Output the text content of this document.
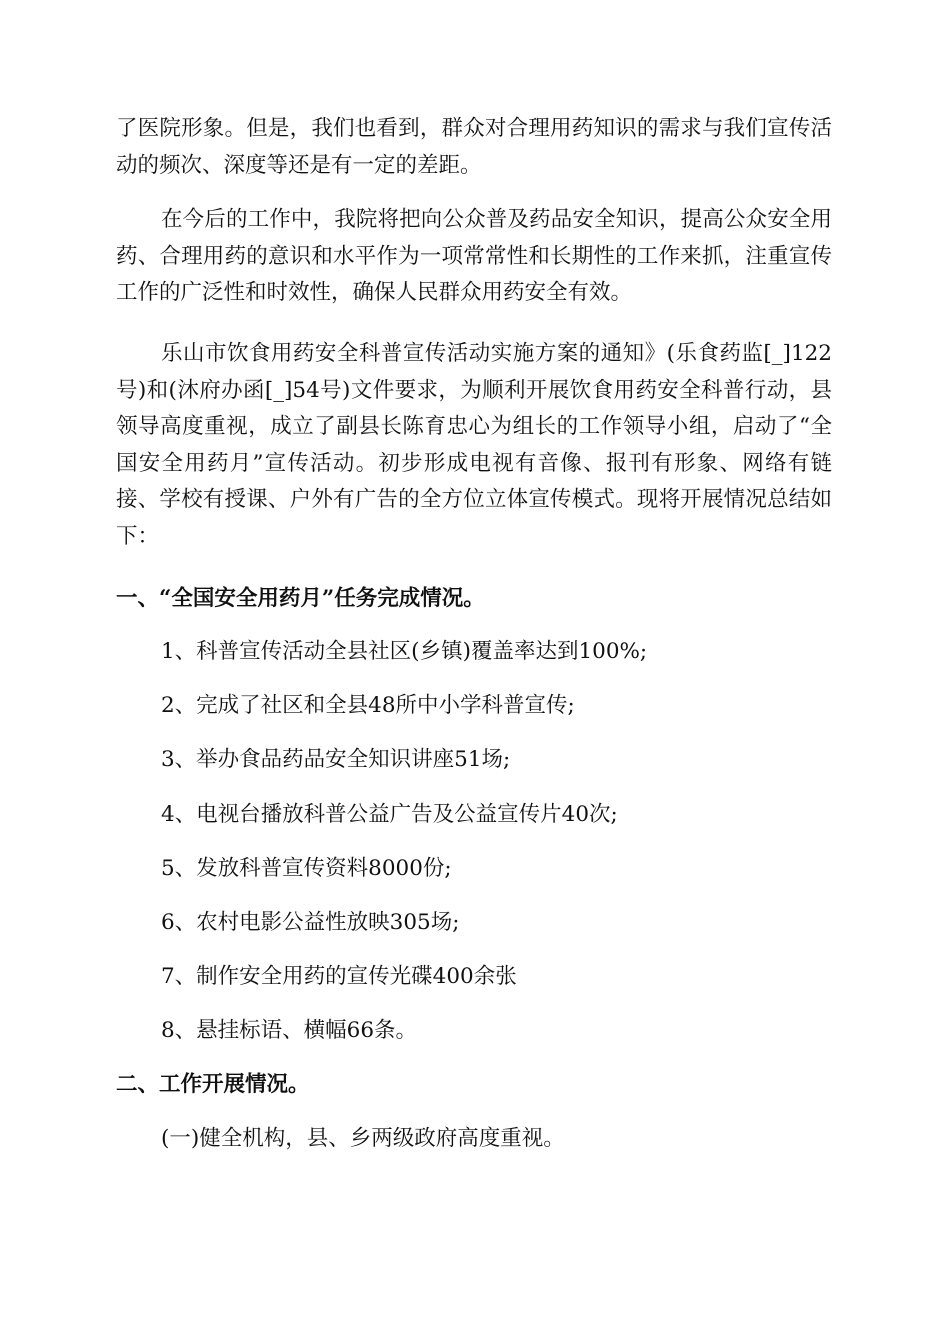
了医院形象。但是，我们也看到，群众对合理用药知识的需求与我们宣传活动的频次、深度等还是有一定的差距。

在今后的工作中，我院将把向公众普及药品安全知识，提高公众安全用药、合理用药的意识和水平作为一项常常性和长期性的工作来抓，注重宣传工作的广泛性和时效性，确保人民群众用药安全有效。

乐山市饮食用药安全科普宣传活动实施方案的通知》(乐食药监[_]122号)和(沐府办函[_]54号)文件要求，为顺利开展饮食用药安全科普行动，县领导高度重视，成立了副县长陈育忠心为组长的工作领导小组，启动了“全国安全用药月”宣传活动。初步形成电视有音像、报刊有形象、网络有链接、学校有授课、户外有广告的全方位立体宣传模式。现将开展情况总结如下：

一、“全国安全用药月”任务完成情况。

1、科普宣传活动全县社区(乡镇)覆盖率达到100%;

2、完成了社区和全县48所中小学科普宣传;

3、举办食品药品安全知识讲座51场;

4、电视台播放科普公益广告及公益宣传片40次;

5、发放科普宣传资料8000份;

6、农村电影公益性放映305场;

7、制作安全用药的宣传光碟400余张

8、悬挂标语、横幅66条。

二、工作开展情况。

(一)健全机构，县、乡两级政府高度重视。
